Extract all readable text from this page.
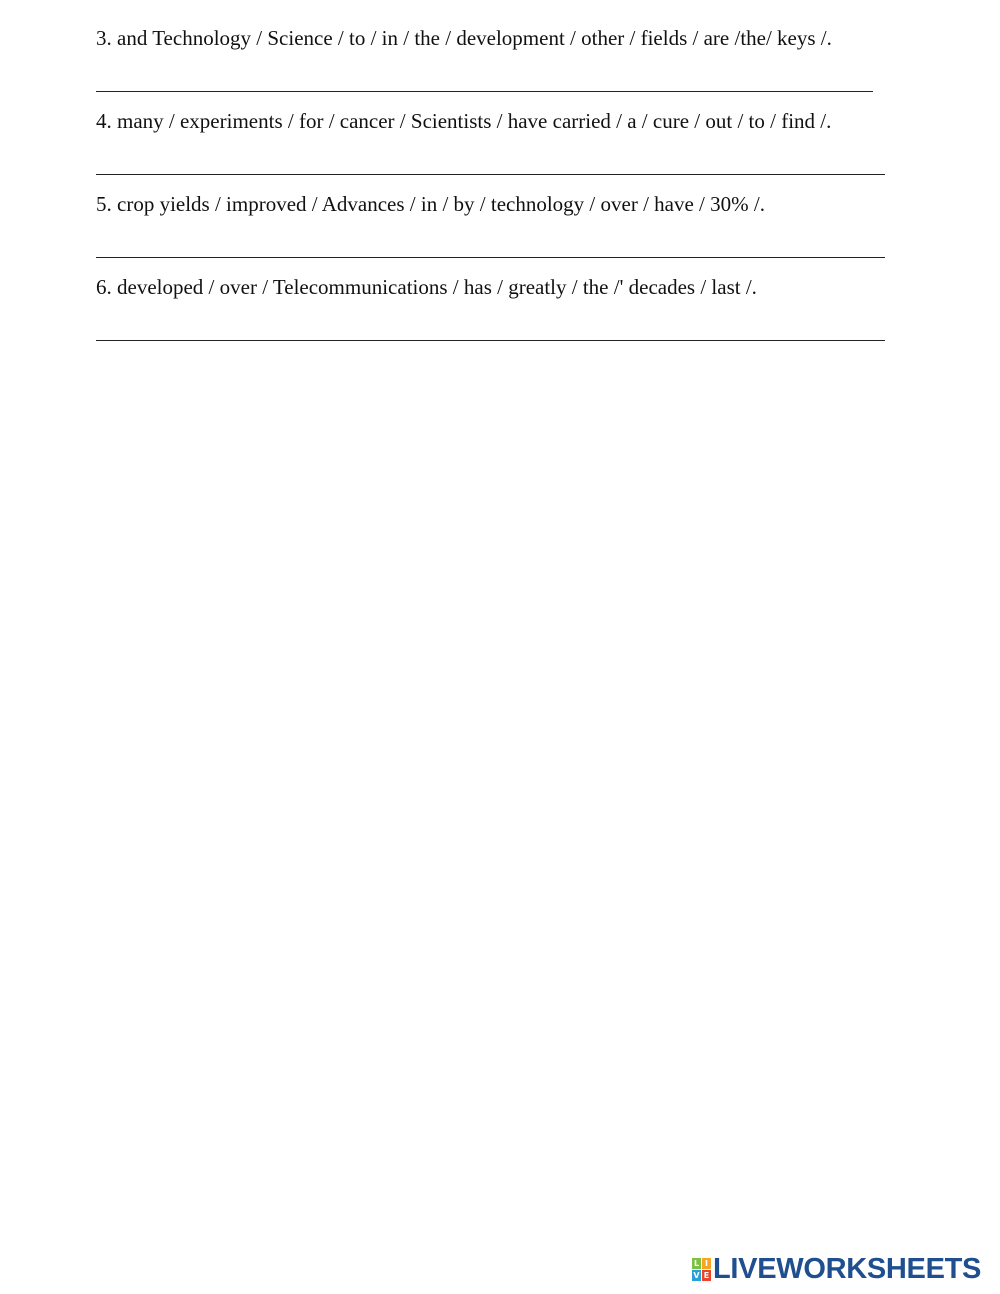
3. and Technology / Science / to / in / the / development / other / fields / are /the/ keys /.
4. many / experiments / for / cancer / Scientists / have carried / a / cure / out / to / find /.
5. crop yields / improved / Advances / in / by / technology / over / have / 30% /.
6. developed / over / Telecommunications / has / greatly / the /' decades / last /.
L I
V E LIVEWORKSHEETS
